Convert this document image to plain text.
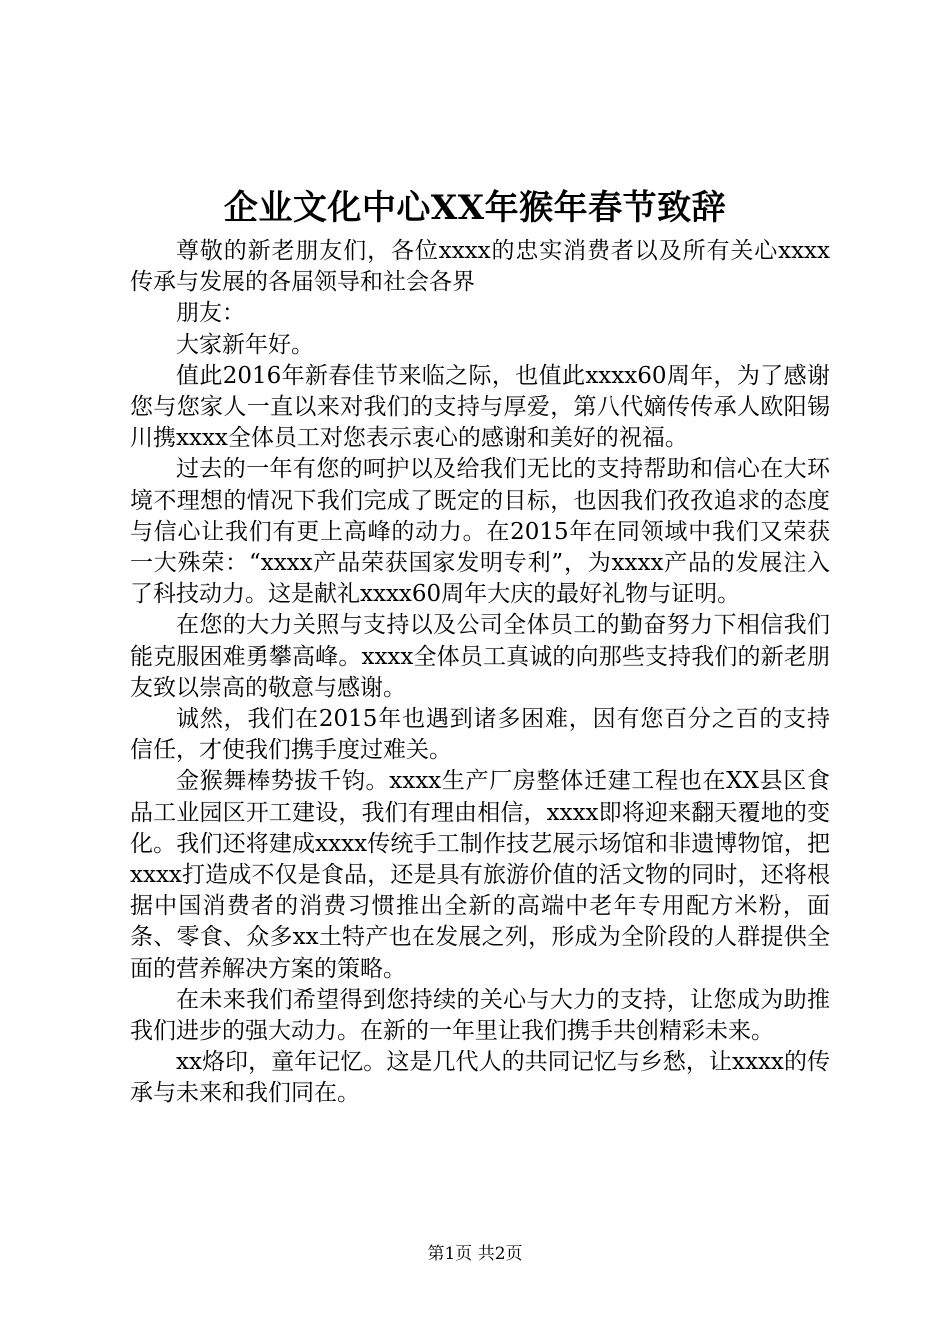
企业文化中心XX年猴年春节致辞

尊敬的新老朋友们，各位xxxx的忠实消费者以及所有关心xxxx传承与发展的各届领导和社会各界

朋友：

大家新年好。

值此2016年新春佳节来临之际，也值此xxxx60周年，为了感谢您与您家人一直以来对我们的支持与厚爱，第八代嫡传传承人欧阳锡川携xxxx全体员工对您表示衷心的感谢和美好的祝福。

过去的一年有您的呵护以及给我们无比的支持帮助和信心在大环境不理想的情况下我们完成了既定的目标，也因我们孜孜追求的态度与信心让我们有更上高峰的动力。在2015年在同领域中我们又荣获一大殊荣：“xxxx产品荣获国家发明专利”，为xxxx产品的发展注入了科技动力。这是献礼xxxx60周年大庆的最好礼物与证明。

在您的大力关照与支持以及公司全体员工的勤奋努力下相信我们能克服困难勇攀高峰。xxxx全体员工真诚的向那些支持我们的新老朋友致以崇高的敬意与感谢。

诚然，我们在2015年也遇到诸多困难，因有您百分之百的支持信任，才使我们携手度过难关。

金猴舞棒势拔千钧。xxxx生产厂房整体迁建工程也在XX县区食品工业园区开工建设，我们有理由相信，xxxx即将迎来翻天覆地的变化。我们还将建成xxxx传统手工制作技艺展示场馆和非遗博物馆，把xxxx打造成不仅是食品，还是具有旅游价值的活文物的同时，还将根据中国消费者的消费习惯推出全新的高端中老年专用配方米粉，面条、零食、众多xx土特产也在发展之列，形成为全阶段的人群提供全面的营养解决方案的策略。

在未来我们希望得到您持续的关心与大力的支持，让您成为助推我们进步的强大动力。在新的一年里让我们携手共创精彩未来。

xx烙印，童年记忆。这是几代人的共同记忆与乡愁，让xxxx的传承与未来和我们同在。

第1页 共2页
